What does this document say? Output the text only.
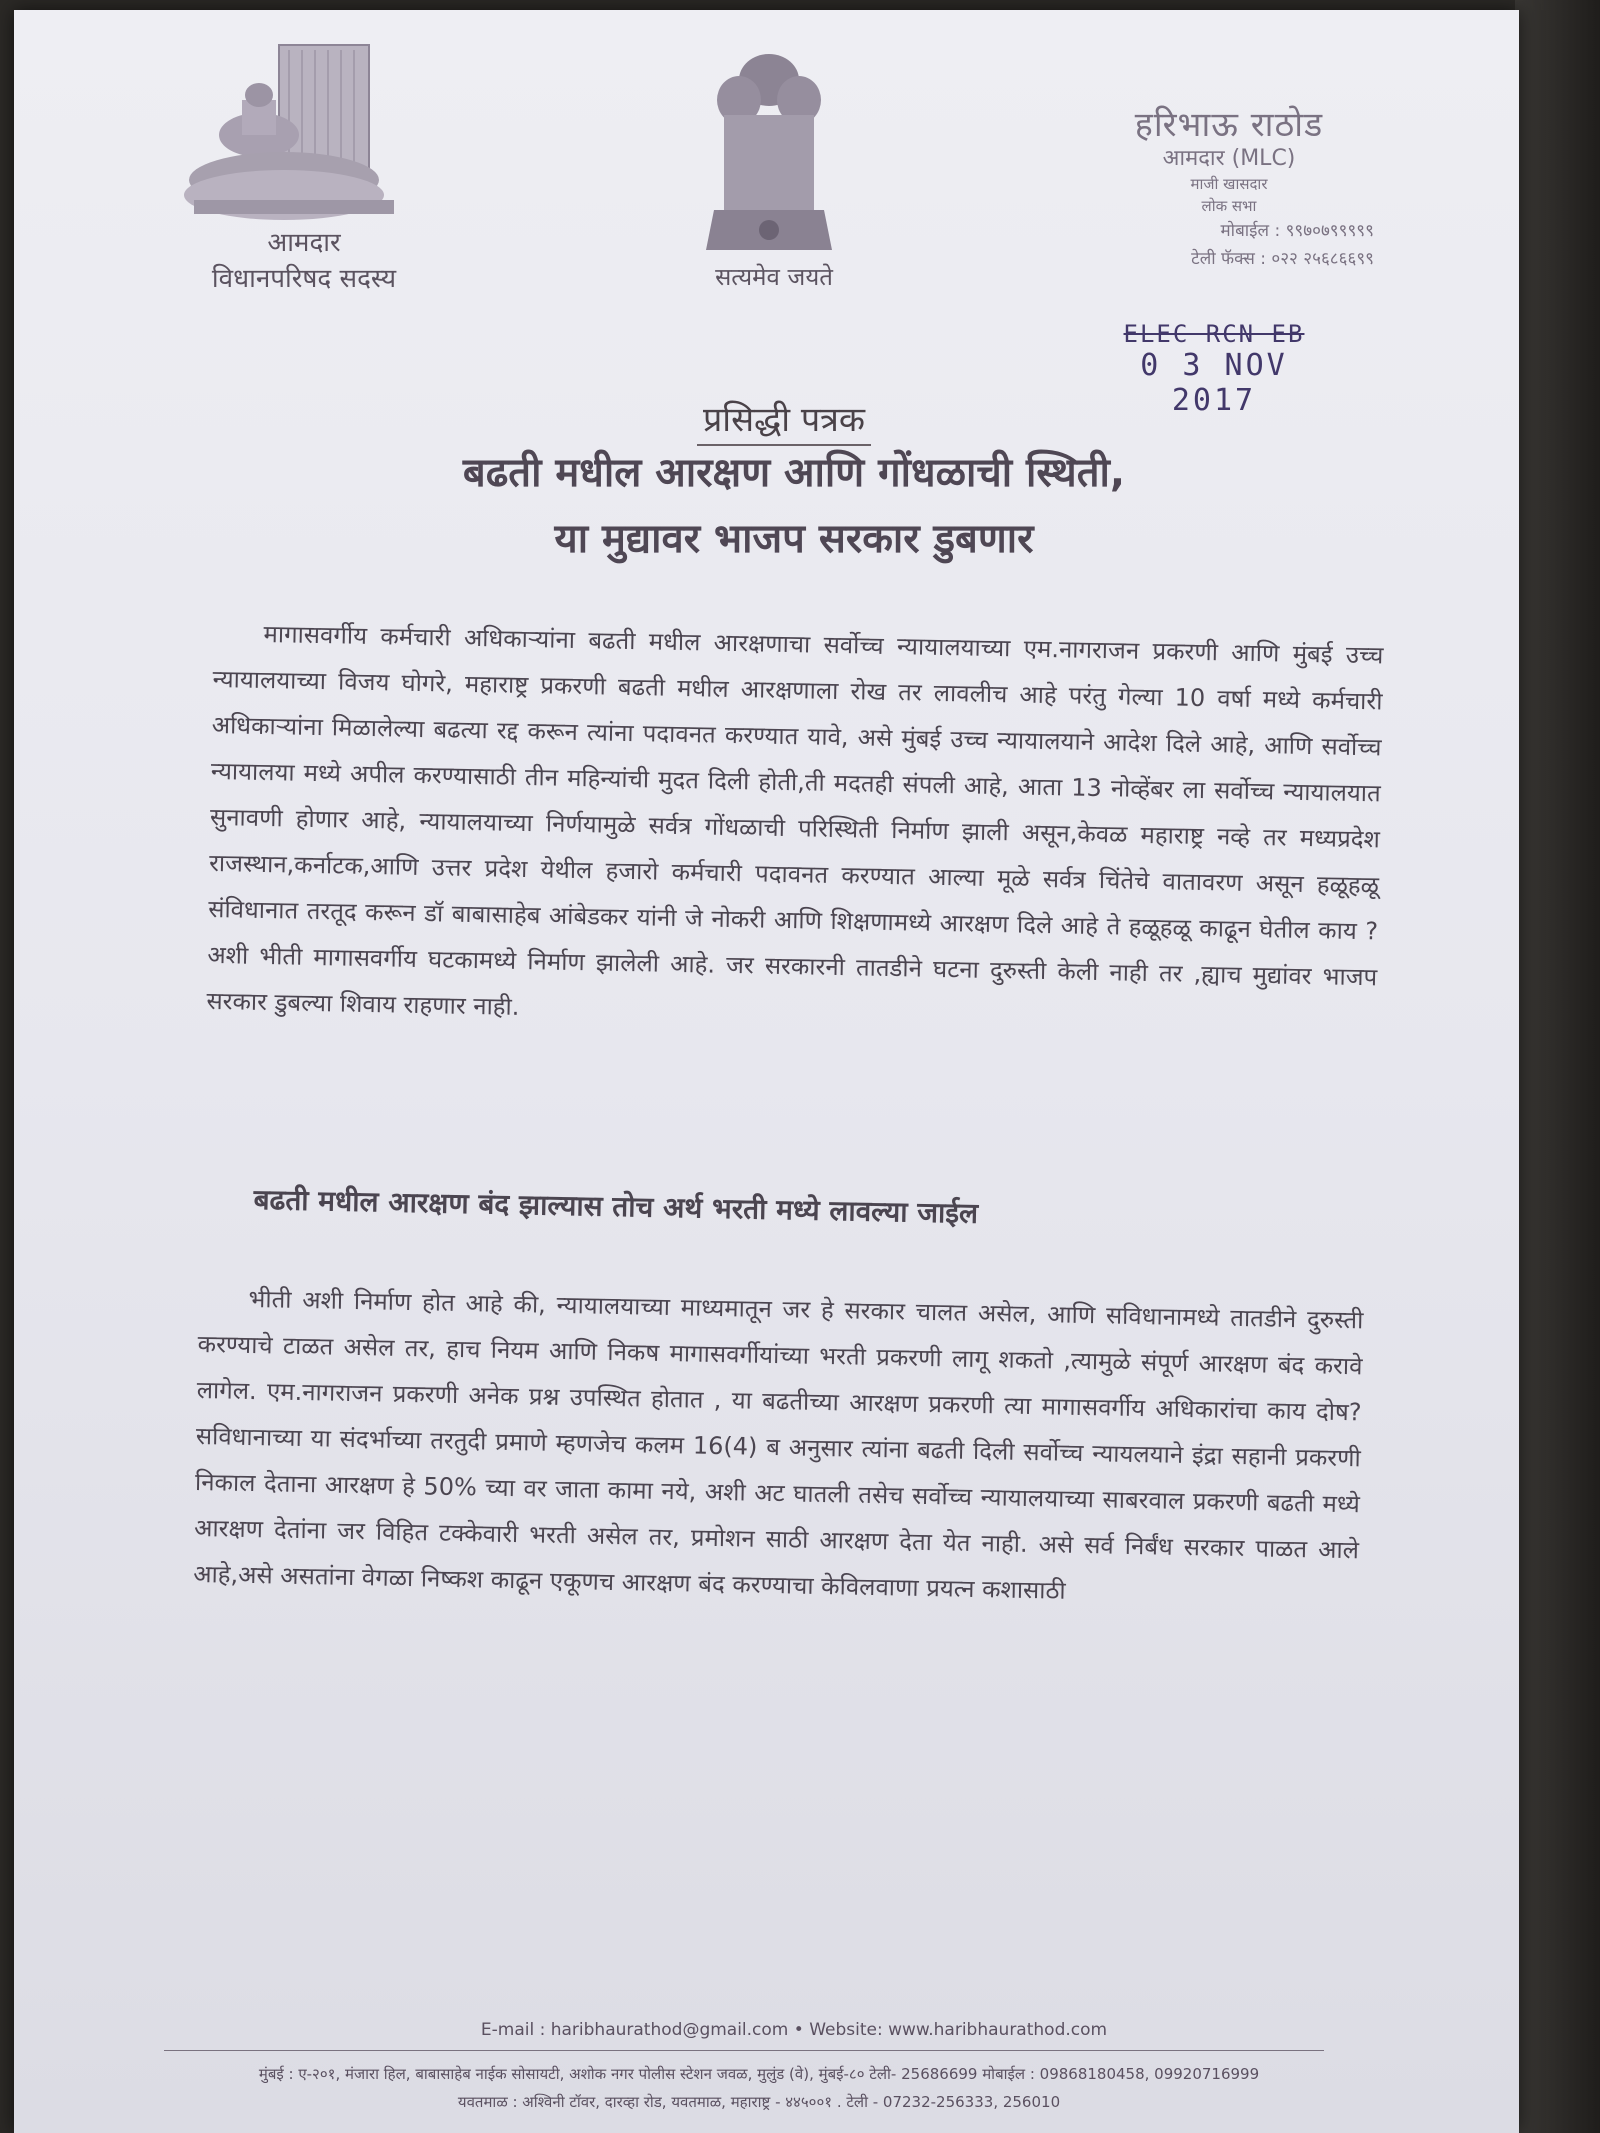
आमदार
विधानपरिषद सदस्य	सत्यमेव जयते
हरिभाऊ राठोड
आमदार (MLC)
माजी खासदार
लोक सभा
मोबाईल : ९९७०७९९९९९
टेली फॅक्स : ०२२ २५६८६६९९
ELEC RCN EB
0 3 NOV 2017
प्रसिद्धी पत्रक
बढती मधील आरक्षण आणि गोंधळाची स्थिती,
या मुद्यावर भाजप सरकार डुबणार
मागासवर्गीय कर्मचारी अधिकाऱ्यांना बढती मधील आरक्षणाचा सर्वोच्च न्यायालयाच्या एम.नागराजन प्रकरणी आणि मुंबई उच्च न्यायालयाच्या विजय घोगरे, महाराष्ट्र प्रकरणी बढती मधील आरक्षणाला रोख तर लावलीच आहे परंतु गेल्या 10 वर्षा मध्ये कर्मचारी अधिकाऱ्यांना मिळालेल्या बढत्या रद्द करून त्यांना पदावनत करण्यात यावे, असे मुंबई उच्च न्यायालयाने आदेश दिले आहे, आणि सर्वोच्च न्यायालया मध्ये अपील करण्यासाठी तीन महिन्यांची मुदत दिली होती,ती मदतही संपली आहे, आता 13 नोव्हेंबर ला सर्वोच्च न्यायालयात सुनावणी होणार आहे, न्यायालयाच्या निर्णयामुळे सर्वत्र गोंधळाची परिस्थिती निर्माण झाली असून,केवळ महाराष्ट्र नव्हे तर मध्यप्रदेश राजस्थान,कर्नाटक,आणि उत्तर प्रदेश येथील हजारो कर्मचारी पदावनत करण्यात आल्या मूळे सर्वत्र चिंतेचे वातावरण असून हळूहळू संविधानात तरतूद करून डॉ बाबासाहेब आंबेडकर यांनी जे नोकरी आणि शिक्षणामध्ये आरक्षण दिले आहे ते हळूहळू काढून घेतील काय ? अशी भीती मागासवर्गीय घटकामध्ये निर्माण झालेली आहे. जर सरकारनी तातडीने घटना दुरुस्ती केली नाही तर ,ह्याच मुद्यांवर भाजप सरकार डुबल्या शिवाय राहणार नाही.
बढती मधील आरक्षण बंद झाल्यास तोच अर्थ भरती मध्ये लावल्या जाईल
भीती अशी निर्माण होत आहे की, न्यायालयाच्या माध्यमातून जर हे सरकार चालत असेल, आणि सविधानामध्ये तातडीने दुरुस्ती करण्याचे टाळत असेल तर, हाच नियम आणि निकष मागासवर्गीयांच्या भरती प्रकरणी लागू शकतो ,त्यामुळे संपूर्ण आरक्षण बंद करावे लागेल. एम.नागराजन प्रकरणी अनेक प्रश्न उपस्थित होतात , या बढतीच्या आरक्षण प्रकरणी त्या मागासवर्गीय अधिकारांचा काय दोष? सविधानाच्या या संदर्भाच्या तरतुदी प्रमाणे म्हणजेच कलम 16(4) ब अनुसार त्यांना बढती दिली सर्वोच्च न्यायलयाने इंद्रा सहानी प्रकरणी निकाल देताना आरक्षण हे 50% च्या वर जाता कामा नये, अशी अट घातली तसेच सर्वोच्च न्यायालयाच्या साबरवाल प्रकरणी बढती मध्ये आरक्षण देतांना जर विहित टक्केवारी भरती असेल तर, प्रमोशन साठी आरक्षण देता येत नाही. असे सर्व निर्बंध सरकार पाळत आले आहे,असे असतांना वेगळा निष्कश काढून एकूणच आरक्षण बंद करण्याचा केविलवाणा प्रयत्न कशासाठी
E-mail : haribhaurathod@gmail.com • Website: www.haribhaurathod.com
मुंबई : ए-२०१, मंजारा हिल, बाबासाहेब नाईक सोसायटी, अशोक नगर पोलीस स्टेशन जवळ, मुलुंड (वे), मुंबई-८० टेली- 25686699 मोबाईल : 09868180458, 09920716999
यवतमाळ : अश्विनी टॉवर, दारव्हा रोड, यवतमाळ, महाराष्ट्र - ४४५००१ . टेली - 07232-256333, 256010
